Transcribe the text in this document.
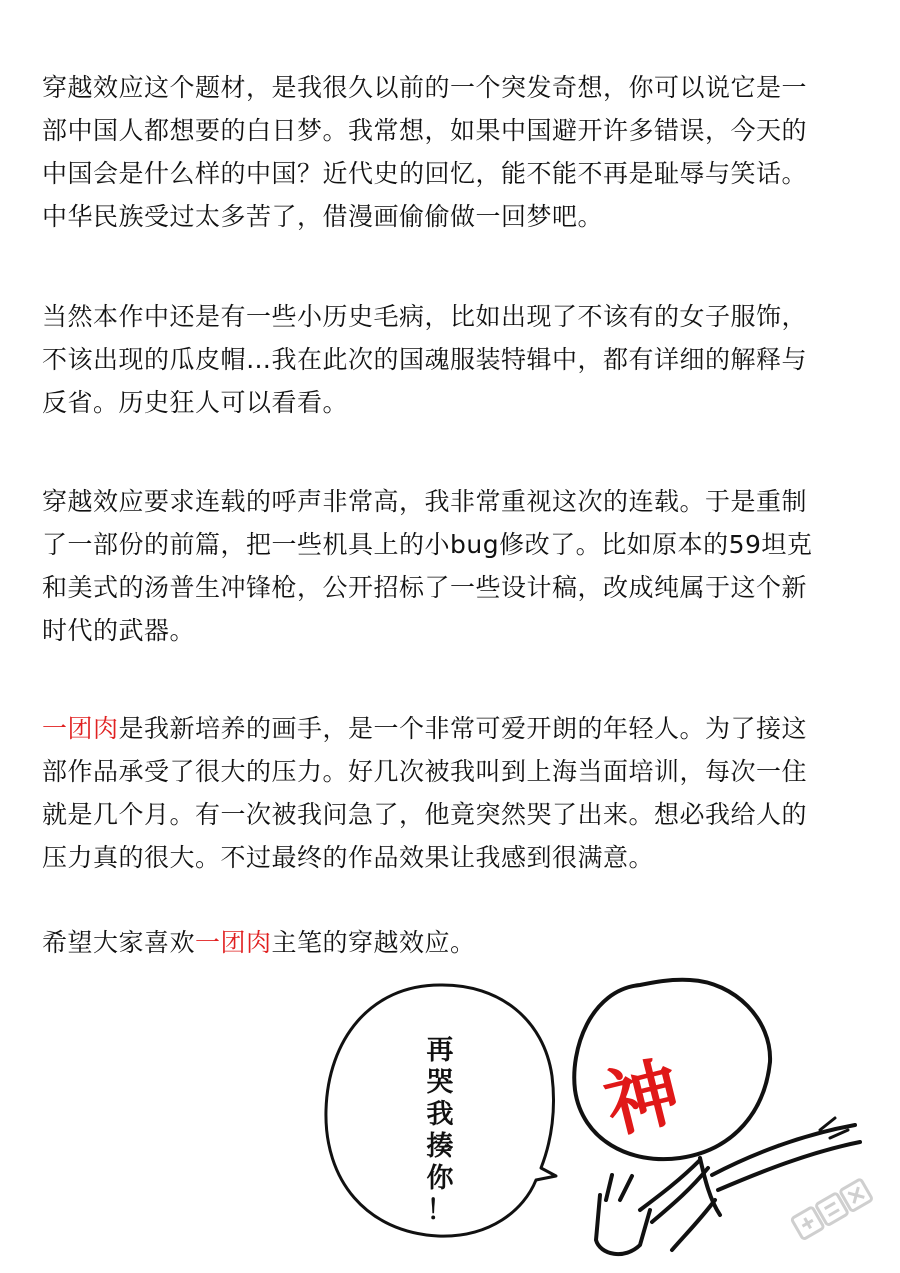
穿越效应这个题材，是我很久以前的一个突发奇想，你可以说它是一
部中国人都想要的白日梦。我常想，如果中国避开许多错误，今天的
中国会是什么样的中国？近代史的回忆，能不能不再是耻辱与笑话。
中华民族受过太多苦了，借漫画偷偷做一回梦吧。
当然本作中还是有一些小历史毛病，比如出现了不该有的女子服饰，
不该出现的瓜皮帽…我在此次的国魂服装特辑中，都有详细的解释与
反省。历史狂人可以看看。
穿越效应要求连载的呼声非常高，我非常重视这次的连载。于是重制
了一部份的前篇，把一些机具上的小bug修改了。比如原本的59坦克
和美式的汤普生冲锋枪，公开招标了一些设计稿，改成纯属于这个新
时代的武器。
一团肉是我新培养的画手，是一个非常可爱开朗的年轻人。为了接这
部作品承受了很大的压力。好几次被我叫到上海当面培训，每次一住
就是几个月。有一次被我问急了，他竟突然哭了出来。想必我给人的
压力真的很大。不过最终的作品效果让我感到很满意。
希望大家喜欢一团肉主笔的穿越效应。
再
哭
我
揍
你
！
神
